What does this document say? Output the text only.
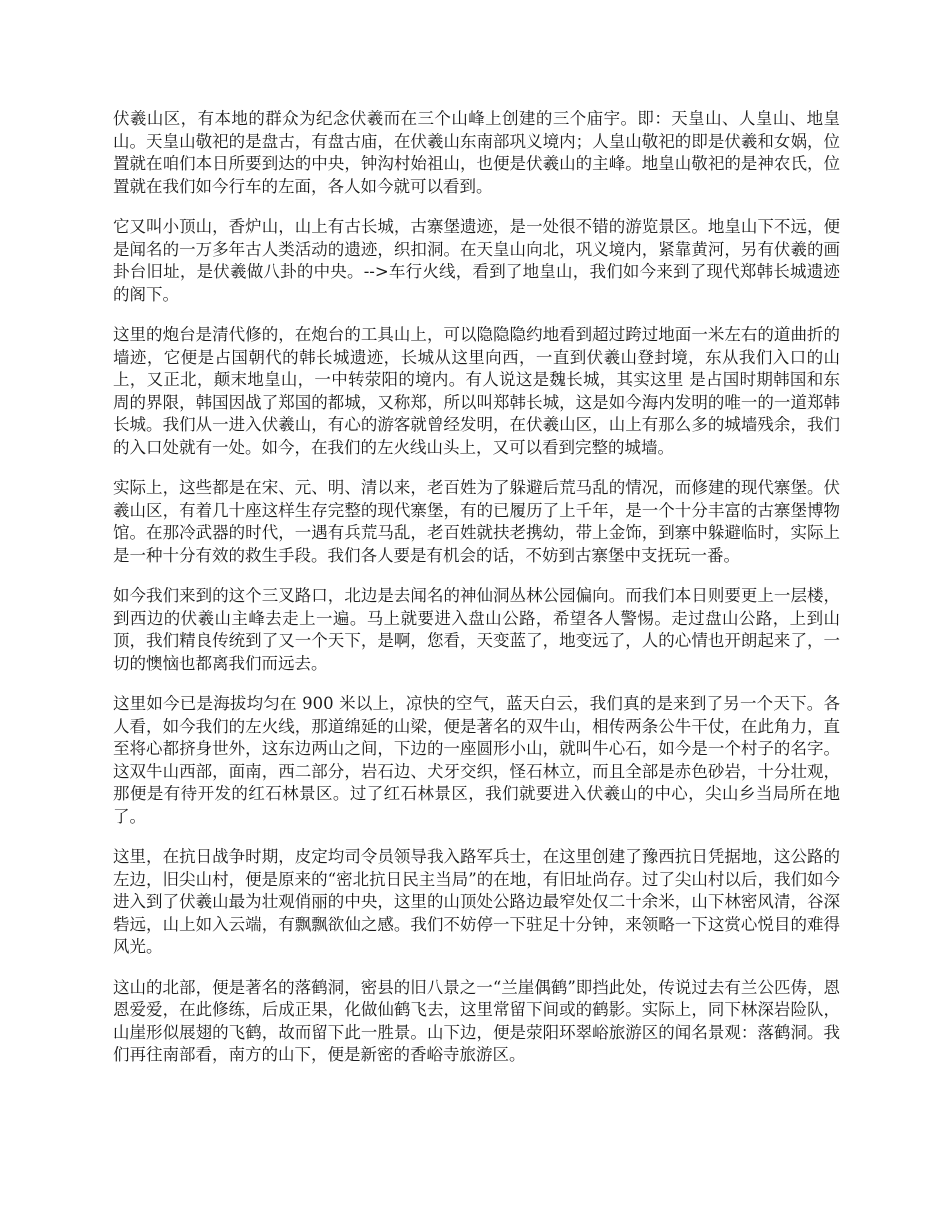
伏羲山区，有本地的群众为纪念伏羲而在三个山峰上创建的三个庙宇。即：天皇山、人皇山、地皇山。天皇山敬祀的是盘古，有盘古庙，在伏羲山东南部巩义境内；人皇山敬祀的即是伏羲和女娲，位置就在咱们本日所要到达的中央，钟沟村始祖山，也便是伏羲山的主峰。地皇山敬祀的是神农氏，位置就在我们如今行车的左面，各人如今就可以看到。

它又叫小顶山，香炉山，山上有古长城，古寨堡遗迹，是一处很不错的游览景区。地皇山下不远，便是闻名的一万多年古人类活动的遗迹，织扣洞。在天皇山向北，巩义境内，紧靠黄河，另有伏羲的画卦台旧址，是伏羲做八卦的中央。-->车行火线，看到了地皇山，我们如今来到了现代郑韩长城遗迹的阁下。

这里的炮台是清代修的，在炮台的工具山上，可以隐隐隐约地看到超过跨过地面一米左右的道曲折的墙迹，它便是占国朝代的韩长城遗迹，长城从这里向西，一直到伏羲山登封境，东从我们入口的山上，又正北，颠末地皇山，一中转荥阳的境内。有人说这是魏长城，其实这里 是占国时期韩国和东周的界限，韩国因战了郑国的都城，又称郑，所以叫郑韩长城，这是如今海内发明的唯一的一道郑韩长城。我们从一进入伏羲山，有心的游客就曾经发明，在伏羲山区，山上有那么多的城墙残余，我们的入口处就有一处。如今，在我们的左火线山头上，又可以看到完整的城墙。

实际上，这些都是在宋、元、明、清以来，老百姓为了躲避后荒马乱的情况，而修建的现代寨堡。伏羲山区，有着几十座这样生存完整的现代寨堡，有的已履历了上千年，是一个十分丰富的古寨堡博物馆。在那冷武器的时代，一遇有兵荒马乱，老百姓就扶老携幼，带上金饰，到寨中躲避临时，实际上是一种十分有效的救生手段。我们各人要是有机会的话，不妨到古寨堡中支抚玩一番。

如今我们来到的这个三叉路口，北边是去闻名的神仙洞丛林公园偏向。而我们本日则要更上一层楼，到西边的伏羲山主峰去走上一遍。马上就要进入盘山公路，希望各人警惕。走过盘山公路，上到山顶，我们精良传统到了又一个天下，是啊，您看，天变蓝了，地变远了，人的心情也开朗起来了，一切的懊恼也都离我们而远去。

这里如今已是海拔均匀在 900 米以上，凉快的空气，蓝天白云，我们真的是来到了另一个天下。各人看，如今我们的左火线，那道绵延的山梁，便是著名的双牛山，相传两条公牛干仗，在此角力，直至将心都挤身世外，这东边两山之间，下边的一座圆形小山，就叫牛心石，如今是一个村子的名字。这双牛山西部，面南，西二部分，岩石边、犬牙交织，怪石林立，而且全部是赤色砂岩，十分壮观，那便是有待开发的红石林景区。过了红石林景区，我们就要进入伏羲山的中心，尖山乡当局所在地了。

这里，在抗日战争时期，皮定均司令员领导我入路军兵士，在这里创建了豫西抗日凭据地，这公路的左边，旧尖山村，便是原来的“密北抗日民主当局”的在地，有旧址尚存。过了尖山村以后，我们如今进入到了伏羲山最为壮观俏丽的中央，这里的山顶处公路边最窄处仅二十余米，山下林密风清，谷深砦远，山上如入云端，有飘飘欲仙之感。我们不妨停一下驻足十分钟，来领略一下这赏心悦目的难得风光。

这山的北部，便是著名的落鹤洞，密县的旧八景之一“兰崖偶鹤”即挡此处，传说过去有兰公匹俦，恩恩爱爱，在此修练，后成正果，化做仙鹤飞去，这里常留下间或的鹤影。实际上，同下林深岩险队，山崖形似展翅的飞鹤，故而留下此一胜景。山下边，便是荥阳环翠峪旅游区的闻名景观：落鹤洞。我们再往南部看，南方的山下，便是新密的香峪寺旅游区。
